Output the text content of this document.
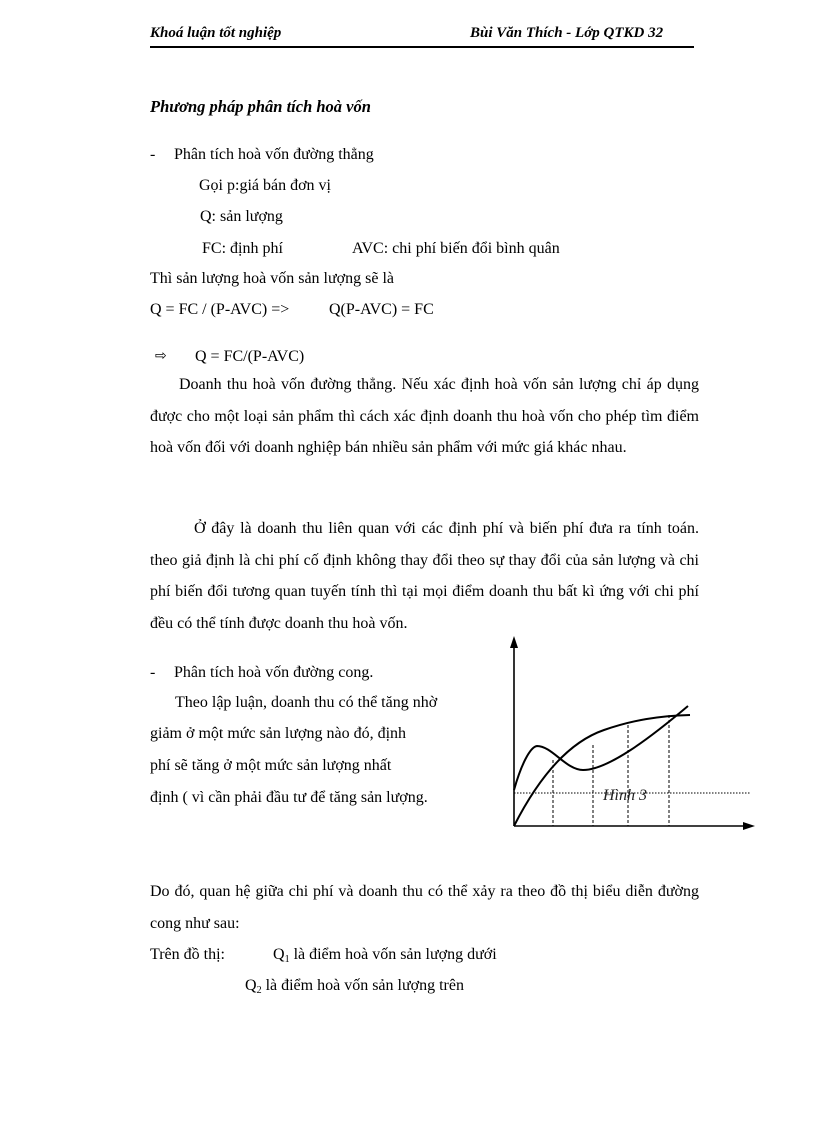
Khoá luận tốt nghiệp	Bùi Văn Thích - Lớp QTKD 32
Phương pháp phân tích hoà vốn
- Phân tích hoà vốn đường thẳng
Gọi p:giá bán đơn vị
Q: sản lượng
FC: định phí	AVC: chi phí biến đổi bình quân
Thì sản lượng hoà vốn sản lượng sẽ là
Q = FC / (P-AVC) => Q(P-AVC) = FC
⇨ Q = FC/(P-AVC)
Doanh thu hoà vốn đường thẳng. Nếu xác định hoà vốn sản lượng chỉ áp dụng được cho một loại sản phẩm thì cách xác định doanh thu hoà vốn cho phép tìm điểm hoà vốn đối với doanh nghiệp bán nhiều sản phẩm với mức giá khác nhau.
Ở đây là doanh thu liên quan với các định phí và biến phí đưa ra tính toán. theo giả định là chi phí cố định không thay đổi theo sự thay đổi của sản lượng và chi phí biến đổi tương quan tuyến tính thì tại mọi điểm doanh thu bất kì ứng với chi phí đều có thể tính được doanh thu hoà vốn.
- Phân tích hoà vốn đường cong.
Theo lập luận, doanh thu có thể tăng nhờ
giảm ở một mức sản lượng nào đó, định
phí sẽ tăng ở một mức sản lượng nhất
định ( vì cần phải đầu tư để tăng sản lượng.	Hình 3
Do đó, quan hệ giữa chi phí và doanh thu có thể xảy ra theo đồ thị biểu diễn đường cong như sau:
Trên đồ thị:	$Q_1$ là điểm hoà vốn sản lượng dưới
$Q_2$ là điểm hoà vốn sản lượng trên
